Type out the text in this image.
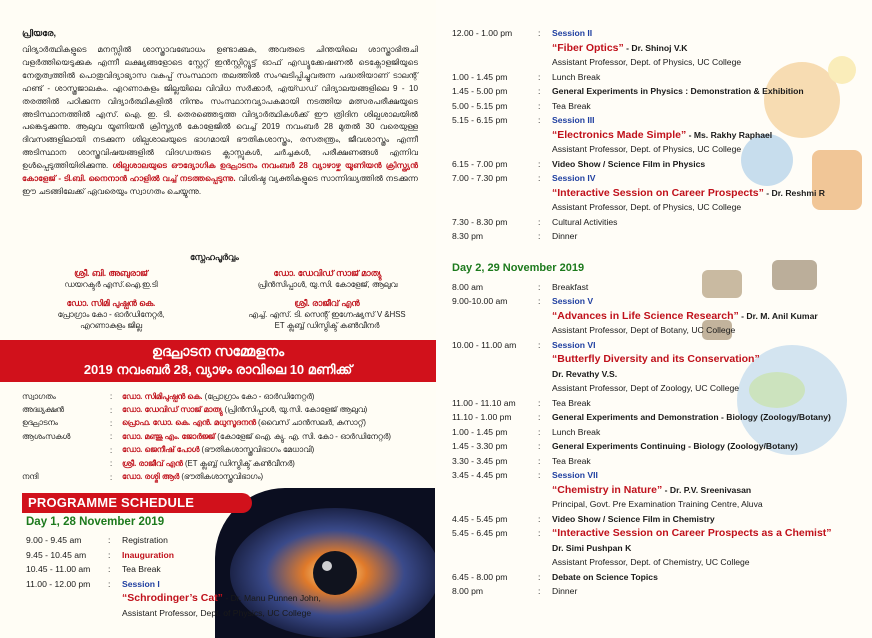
പ്രിയരേ,
വിദ്യാർത്ഥികളുടെ മനസ്സിൽ ശാസ്ത്രാവബോധം ഉണ്ടാക്കുക, അവരുടെ ചിന്തയിലെ ശാസ്ത്രാഭിരുചി വളർത്തിയെടുക്കുക എന്നീ ലക്ഷ്യങ്ങളോടെ സ്റ്റേറ്റ് ഇൻസ്റ്റിറ്റ്യൂട്ട് ഓഫ് എഡ്യൂക്കേഷണൽ ടെക്നോളജിയുടെ നേതൃത്വത്തിൽ പൊതുവിദ്യാഭ്യാസ വകുപ്പ് സംസ്ഥാന തലത്തിൽ സംഘടിപ്പിച്ചുവരുന്ന പദ്ധതിയാണ് ടാലന്റ് ഹണ്ട് - ശാസ്ത്രജാലകം. എറണാകുളം ജില്ലയിലെ വിവിധ സർക്കാർ, എയ്ഡഡ് വിദ്യാലയങ്ങളിലെ 9 - 10 തരത്തിൽ പഠിക്കുന്ന വിദ്യാർത്ഥികളിൽ നിന്നും സംസ്ഥാനവ്യാപകമായി നടത്തിയ മത്സരപരീക്ഷയുടെ അടിസ്ഥാനത്തിൽ എസ്. ഐ. ഇ. ടി. തെരഞ്ഞെടുത്ത വിദ്യാർത്ഥികൾക്ക് ഈ ത്രിദിന ശില്പശാലയിൽ പങ്കെടുക്കുന്നു. ആലുവ യൂണിയൻ ക്രിസ്ത്യൻ കോളേജിൽ വെച്ച് 2019 നവംബർ 28 മുതൽ 30 വരെയുള്ള ദിവസങ്ങളിലായി നടക്കുന്ന ശില്പശാലയുടെ ഭാഗമായി ഭൗതികശാസ്ത്രം, രസതന്ത്രം, ജീവശാസ്ത്രം എന്നീ അടിസ്ഥാന ശാസ്ത്രവിഷയങ്ങളിൽ വിദഗ്ധരുടെ ക്ലാസ്സുകൾ, ചർച്ചകൾ, പരീക്ഷണങ്ങൾ എന്നിവ ഉൾപ്പെടുത്തിയിരിക്കുന്നു. ശില്പശാലയുടെ ഔദ്യോഗിക ഉദ്ഘാടനം നവംബർ 28 വ്യാഴാഴ്ച യൂണിയൻ ക്രിസ്ത്യൻ കോളേജ് - ടി.ബി. നൈനാൻ ഹാളിൽ വച്ച് നടത്തപ്പെടുന്നു. വിശിഷ്ട വ്യക്തികളുടെ സാന്നിദ്ധ്യത്തിൽ നടക്കുന്ന ഈ ചടങ്ങിലേക്ക് ഏവരെയും സ്വാഗതം ചെയ്യുന്നു.
സ്നേഹപൂർവ്വം
ശ്രീ. ബി. അബുരാജ്
ഡയറക്ടർ എസ്.ഐ.ഇ.ടി
ഡോ. ഡേവിഡ് സാജ് മാത്യു
പ്രിൻസിപ്പാൾ, യു.സി. കോളേജ്, ആലുവ
ഡോ. സിമി പുഷ്പൻ കെ.
പ്രോഗ്രാം കോ - ഓർഡിനേറ്റർ,
എറണാകുളം ജില്ല
ശ്രീ. രാജീവ് എൻ
എച്ച്. എസ്. ടി. സെന്റ് ഇഗ്നേഷ്യസ് V &HSS
ET ക്ലബ്ബ് ഡിസ്ട്രിക്ട് കൺവീനർ
ഉദ്ഘാടന സമ്മേളനം
2019 നവംബർ 28, വ്യാഴം രാവിലെ 10 മണിക്ക്
സ്വാഗതം	:	ഡോ. സിമിപുഷ്പൻ കെ. (പ്രോഗ്രാം കോ - ഓർഡിനേറ്റർ)
അദ്ധ്യക്ഷൻ	:	ഡോ. ഡേവിഡ് സാജ് മാത്യു (പ്രിൻസിപ്പാൾ, യു.സി. കോളേജ് ആലുവ)
ഉദ്ഘാടനം	:	പ്രൊഫ. ഡോ. കെ. എൻ. മധുസൂദനൻ (വൈസ് ചാൻസലർ, കുസാറ്റ്)
ആശംസകൾ	:	ഡോ. മഞ്ജു എം. ജോർജ്ജ് (കോളേജ് ഐ. ക്യു. എ. സി. കോ - ഓർഡിനേറ്റർ)
:	ഡോ. ജെനീഷ് പോൾ (ഭൗതികശാസ്ത്രവിഭാഗം മേധാവി)
:	ശ്രീ. രാജീവ് എൻ (ET ക്ലബ്ബ് ഡിസ്ട്രിക്ട് കൺവീനർ)
നന്ദി	:	ഡോ. രശ്മി ആർ (ഭൗതികശാസ്ത്രവിഭാഗം)
PROGRAMME SCHEDULE
Day 1, 28 November 2019
9.00 - 9.45 am	:	Registration
9.45 - 10.45 am	:	Inauguration
10.45 - 11.00 am	:	Tea Break
11.00 - 12.00 pm	:	Session I
“Schrodinger’s Cat” - Dr. Manu Punnen John,
Assistant Professor, Dept. of Physics, UC College
12.00 - 1.00 pm	:	Session II
“Fiber Optics” - Dr. Shinoj V.K
Assistant Professor, Dept. of Physics, UC College
1.00 - 1.45 pm	:	Lunch Break
1.45 - 5.00 pm	:	General Experiments in Physics : Demonstration & Exhibition
5.00 - 5.15 pm	:	Tea Break
5.15 - 6.15 pm	:	Session III
“Electronics Made Simple” - Ms. Rakhy Raphael
Assistant Professor, Dept. of Physics, UC College
6.15 - 7.00 pm	:	Video Show / Science Film in Physics
7.00 - 7.30 pm	:	Session IV
“Interactive Session on Career Prospects” - Dr. Reshmi R
Assistant Professor, Dept. of Physics, UC College
7.30 - 8.30 pm	:	Cultural Activities
8.30 pm	:	Dinner
Day 2, 29 November 2019
8.00 am	:	Breakfast
9.00-10.00 am	:	Session V
“Advances in Life Science Research” - Dr. M. Anil Kumar
Assistant Professor, Dept of Botany, UC College
10.00 - 11.00 am	:	Session VI
“Butterfly Diversity and its Conservation”
Dr. Revathy V.S.
Assistant Professor, Dept of Zoology, UC College
11.00 - 11.10 am	:	Tea Break
11.10 - 1.00 pm	:	General Experiments and Demonstration - Biology (Zoology/Botany)
1.00 - 1.45 pm	:	Lunch Break
1.45 - 3.30 pm	:	General Experiments Continuing - Biology (Zoology/Botany)
3.30 - 3.45 pm	:	Tea Break
3.45 - 4.45 pm	:	Session VII
“Chemistry in Nature” - Dr. P.V. Sreenivasan
Principal, Govt. Pre Examination Training Centre, Aluva
4.45 - 5.45 pm	:	Video Show / Science Film in Chemistry
5.45 - 6.45 pm	:	“Interactive Session on Career Prospects as a Chemist”
Dr. Simi Pushpan K
Assistant Professor, Dept. of Chemistry, UC College
6.45 - 8.00 pm	:	Debate on Science Topics
8.00 pm	:	Dinner
